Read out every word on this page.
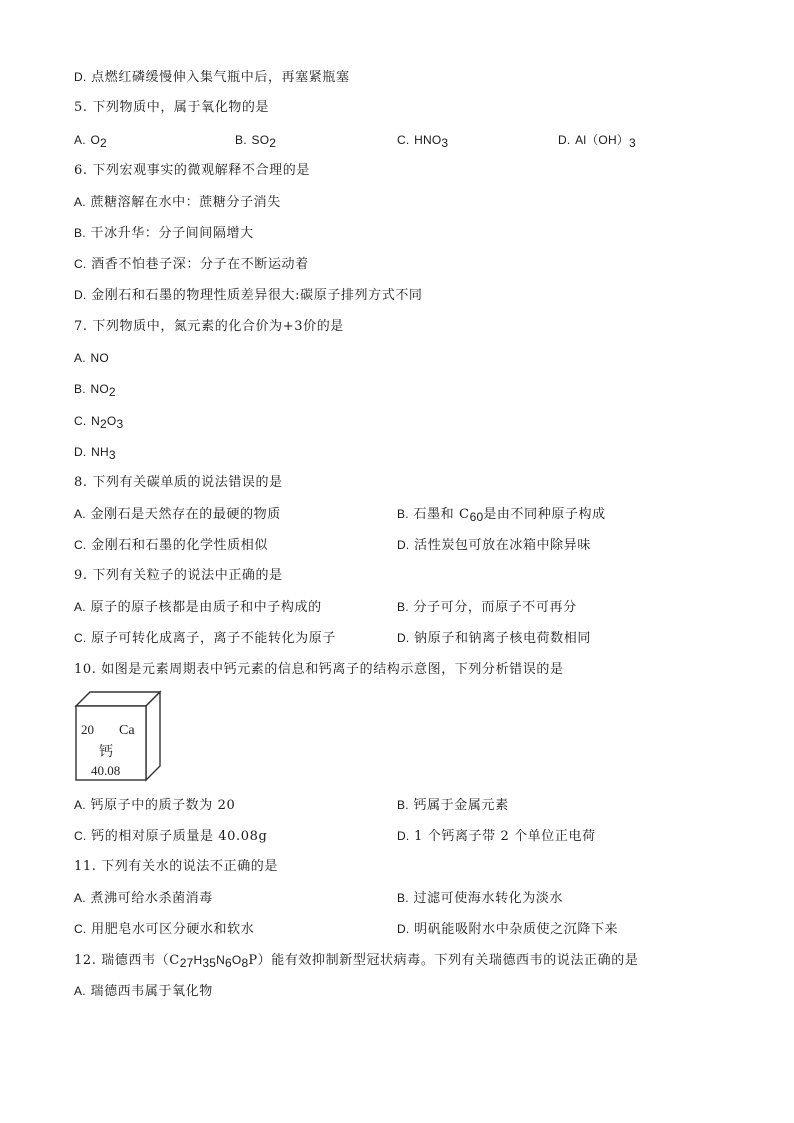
D. 点燃红磷缓慢伸入集气瓶中后，再塞紧瓶塞
5. 下列物质中，属于氧化物的是
A. $O_2$	B. $SO_2$	C. $HNO_3$	D. $Al(OH)_3$
6. 下列宏观事实的微观解释不合理的是
A. 蔗糖溶解在水中：蔗糖分子消失
B. 干冰升华：分子间间隔增大
C. 酒香不怕巷子深：分子在不断运动着
D. 金刚石和石墨的物理性质差异很大:碳原子排列方式不同
7. 下列物质中，氮元素的化合价为+3价的是
A. NO
B. $NO_2$
C. $N_2O_3$
D. $NH_3$
8. 下列有关碳单质的说法错误的是
A. 金刚石是天然存在的最硬的物质	B. 石墨和 $C_{60}$是由不同种原子构成
C. 金刚石和石墨的化学性质相似	D. 活性炭包可放在冰箱中除异味
9. 下列有关粒子的说法中正确的是
A. 原子的原子核都是由质子和中子构成的	B. 分子可分，而原子不可再分
C. 原子可转化成离子，离子不能转化为原子	D. 钠原子和钠离子核电荷数相同
10. 如图是元素周期表中钙元素的信息和钙离子的结构示意图，下列分析错误的是
20 Ca
钙
40.08
A. 钙原子中的质子数为 20	B. 钙属于金属元素
C. 钙的相对原子质量是 40.08g	D. 1 个钙离子带 2 个单位正电荷
11. 下列有关水的说法不正确的是
A. 煮沸可给水杀菌消毒	B. 过滤可使海水转化为淡水
C. 用肥皂水可区分硬水和软水	D. 明矾能吸附水中杂质使之沉降下来
12. 瑞德西韦$(C_{27}H_{35}N_6O_8P)$能有效抑制新型冠状病毒。下列有关瑞德西韦的说法正确的是
A. 瑞德西韦属于氧化物
